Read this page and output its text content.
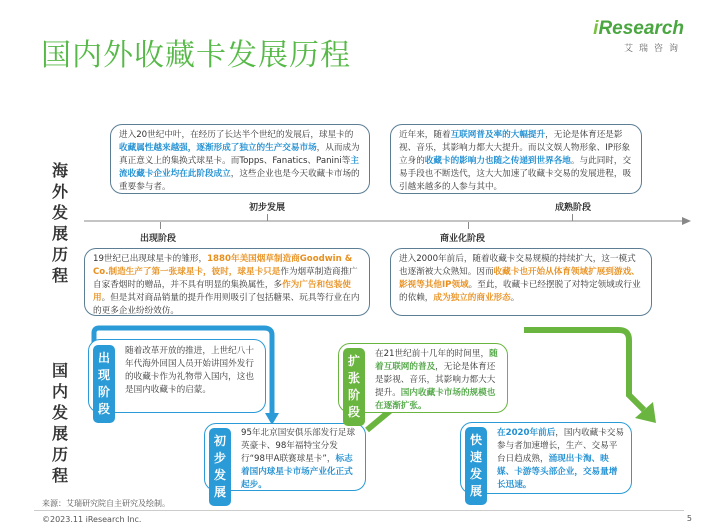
国内外收藏卡发展历程
iResearch
艾瑞咨询
海外发展历程
出现阶段
初步发展
商业化阶段
成熟阶段
进入20世纪中叶，在经历了长达半个世纪的发展后，球星卡的收藏属性越来越强，逐渐形成了独立的生产交易市场，从而成为真正意义上的集换式球星卡。而Topps、Fanatics、Panini等主流收藏卡企业均在此阶段成立，这些企业也是今天收藏卡市场的重要参与者。
近年来，随着互联网普及率的大幅提升，无论是体育还是影视、音乐，其影响力都大大提升。而以文娱人物形象、IP形象立身的收藏卡的影响力也随之传递到世界各地。与此同时，交易手段也不断迭代，这大大加速了收藏卡交易的发展进程，吸引越来越多的人参与其中。
19世纪已出现球星卡的雏形，1880年美国烟草制造商Goodwin & Co.制造生产了第一张球星卡，彼时，球星卡只是作为烟草制造商推广自家香烟时的赠品，并不具有明显的集换属性，多作为广告和包装使用。但是其对商品销量的提升作用则吸引了包括糖果、玩具等行业在内的更多企业纷纷效仿。
进入2000年前后，随着收藏卡交易规模的持续扩大，这一模式也逐渐被大众熟知。因而收藏卡也开始从体育领域扩展到游戏、影视等其他IP领域。至此，收藏卡已经摆脱了对特定领域或行业的依赖，成为独立的商业形态。
国内发展历程
出现阶段
随着改革开放的推进，上世纪八十年代海外回国人员开始讲国外发行的收藏卡作为礼物带入国内，这也是国内收藏卡的启蒙。
初步发展
95年北京国安俱乐部发行足球英豪卡、98年福特宝分发行“98甲A联赛球星卡”，标志着国内球星卡市场产业化正式起步。
扩张阶段
在21世纪前十几年的时间里，随着互联网的普及，无论是体育还是影视、音乐，其影响力都大大提升。国内收藏卡市场的规模也在逐渐扩张。
快速发展
在2020年前后，国内收藏卡交易参与者加速增长，生产、交易平台日趋成熟，涌现出卡淘、映媒、卡游等头部企业，交易量增长迅速。
来源：艾瑞研究院自主研究及绘制。
©2023.11 iResearch Inc.	5
